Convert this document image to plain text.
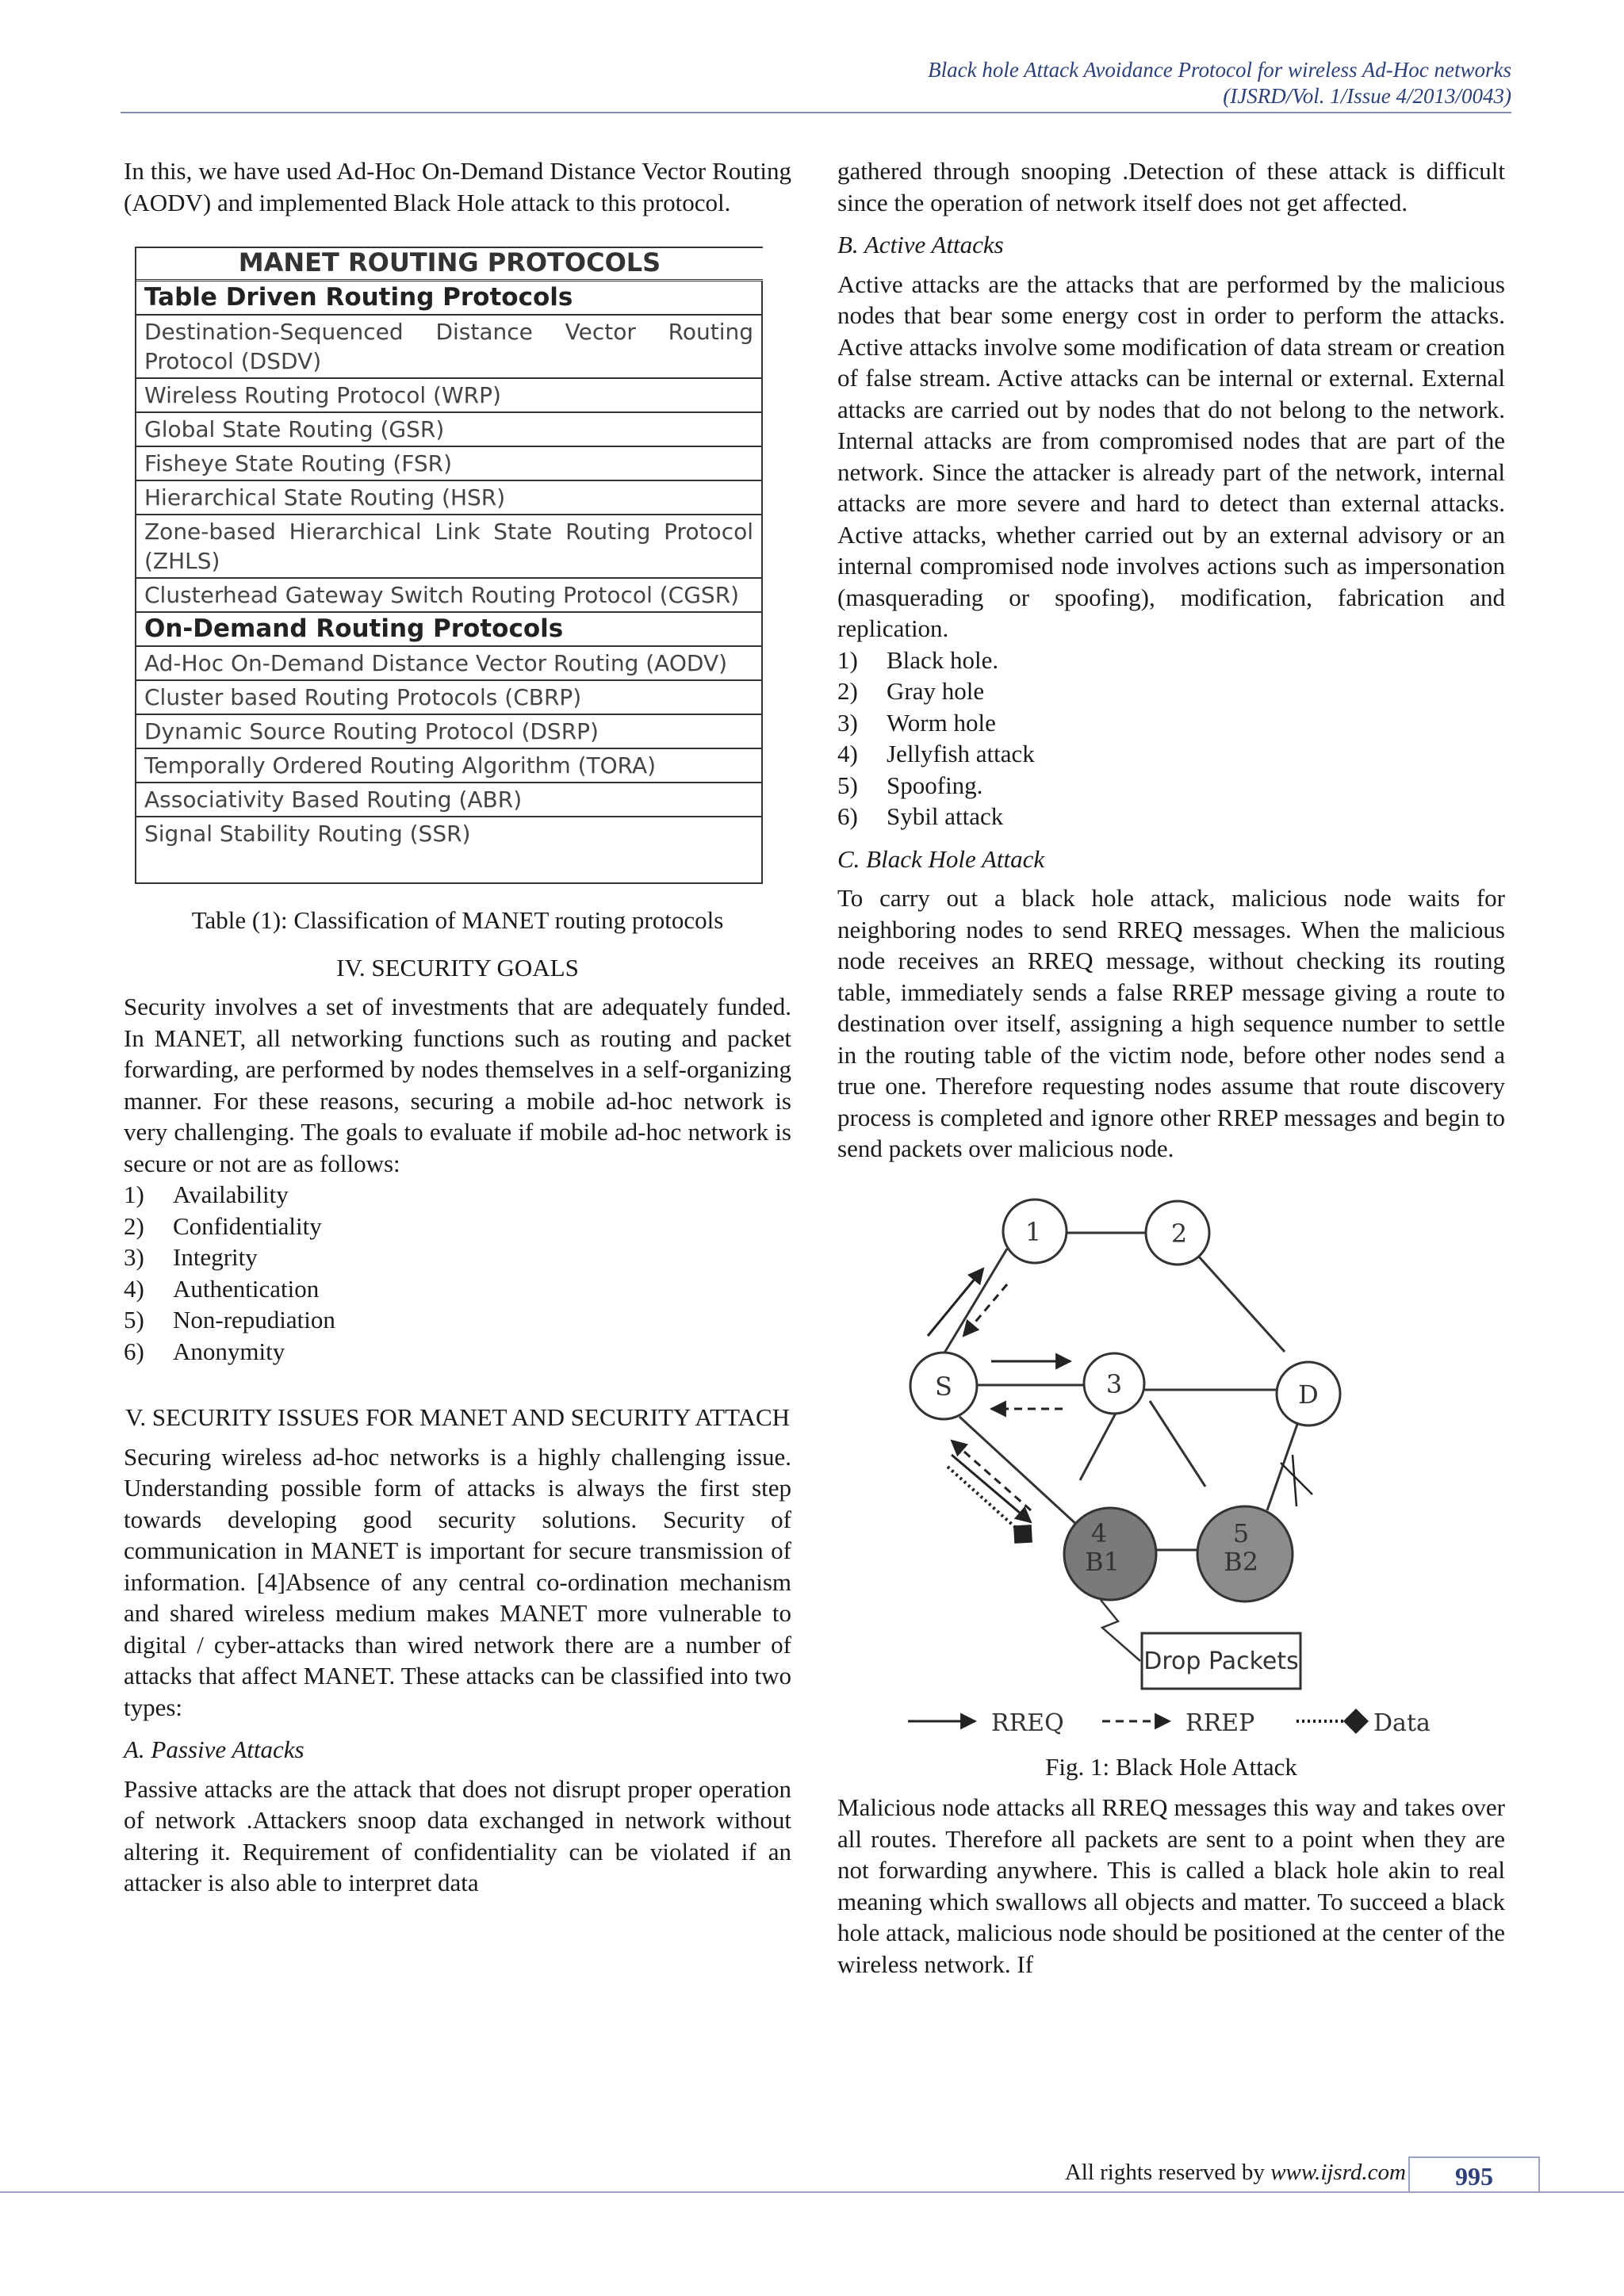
Black hole Attack Avoidance Protocol for wireless Ad-Hoc networks
(IJSRD/Vol. 1/Issue 4/2013/0043)

In this, we have used Ad-Hoc On-Demand Distance Vector Routing (AODV) and implemented Black Hole attack to this protocol.

MANET ROUTING PROTOCOLS
Table Driven Routing Protocols
Destination-Sequenced Distance Vector Routing Protocol (DSDV)
Wireless Routing Protocol (WRP)
Global State Routing (GSR)
Fisheye State Routing (FSR)
Hierarchical State Routing (HSR)
Zone-based Hierarchical Link State Routing Protocol (ZHLS)
Clusterhead Gateway Switch Routing Protocol (CGSR)
On-Demand Routing Protocols
Ad-Hoc On-Demand Distance Vector Routing (AODV)
Cluster based Routing Protocols (CBRP)
Dynamic Source Routing Protocol (DSRP)
Temporally Ordered Routing Algorithm (TORA)
Associativity Based Routing (ABR)
Signal Stability Routing (SSR)
Table (1): Classification of MANET routing protocols
IV. SECURITY GOALS

Security involves a set of investments that are adequately funded. In MANET, all networking functions such as routing and packet forwarding, are performed by nodes themselves in a self-organizing manner. For these reasons, securing a mobile ad-hoc network is very challenging. The goals to evaluate if mobile ad-hoc network is secure or not are as follows:

1)	Availability
2)	Confidentiality
3)	Integrity
4)	Authentication
5)	Non-repudiation
6)	Anonymity
V. SECURITY ISSUES FOR MANET AND SECURITY ATTACH

Securing wireless ad-hoc networks is a highly challenging issue. Understanding possible form of attacks is always the first step towards developing good security solutions. Security of communication in MANET is important for secure transmission of information. [4]Absence of any central co-ordination mechanism and shared wireless medium makes MANET more vulnerable to digital / cyber-attacks than wired network there are a number of attacks that affect MANET. These attacks can be classified into two types:

A. Passive Attacks

Passive attacks are the attack that does not disrupt proper operation of network .Attackers snoop data exchanged in network without altering it. Requirement of confidentiality can be violated if an attacker is also able to interpret data

gathered through snooping .Detection of these attack is difficult since the operation of network itself does not get affected.

B. Active Attacks

Active attacks are the attacks that are performed by the malicious nodes that bear some energy cost in order to perform the attacks. Active attacks involve some modification of data stream or creation of false stream. Active attacks can be internal or external. External attacks are carried out by nodes that do not belong to the network. Internal attacks are from compromised nodes that are part of the network. Since the attacker is already part of the network, internal attacks are more severe and hard to detect than external attacks. Active attacks, whether carried out by an external advisory or an internal compromised node involves actions such as impersonation (masquerading or spoofing), modification, fabrication and replication.

1)	Black hole.
2)	Gray hole
3)	Worm hole
4)	Jellyfish attack
5)	Spoofing.
6)	Sybil attack
C. Black Hole Attack

To carry out a black hole attack, malicious node waits for neighboring nodes to send RREQ messages. When the malicious node receives an RREQ message, without checking its routing table, immediately sends a false RREP message giving a route to destination over itself, assigning a high sequence number to settle in the routing table of the victim node, before other nodes send a true one. Therefore requesting nodes assume that route discovery process is completed and ignore other RREP messages and begin to send packets over malicious node.

1	2
S	3	D
4
B1
5
B2
Drop Packets
RREQ	RREP	Data
Fig. 1: Black Hole Attack

Malicious node attacks all RREQ messages this way and takes over all routes. Therefore all packets are sent to a point when they are not forwarding anywhere. This is called a black hole akin to real meaning which swallows all objects and matter. To succeed a black hole attack, malicious node should be positioned at the center of the wireless network. If

All rights reserved by www.ijsrd.com	995
